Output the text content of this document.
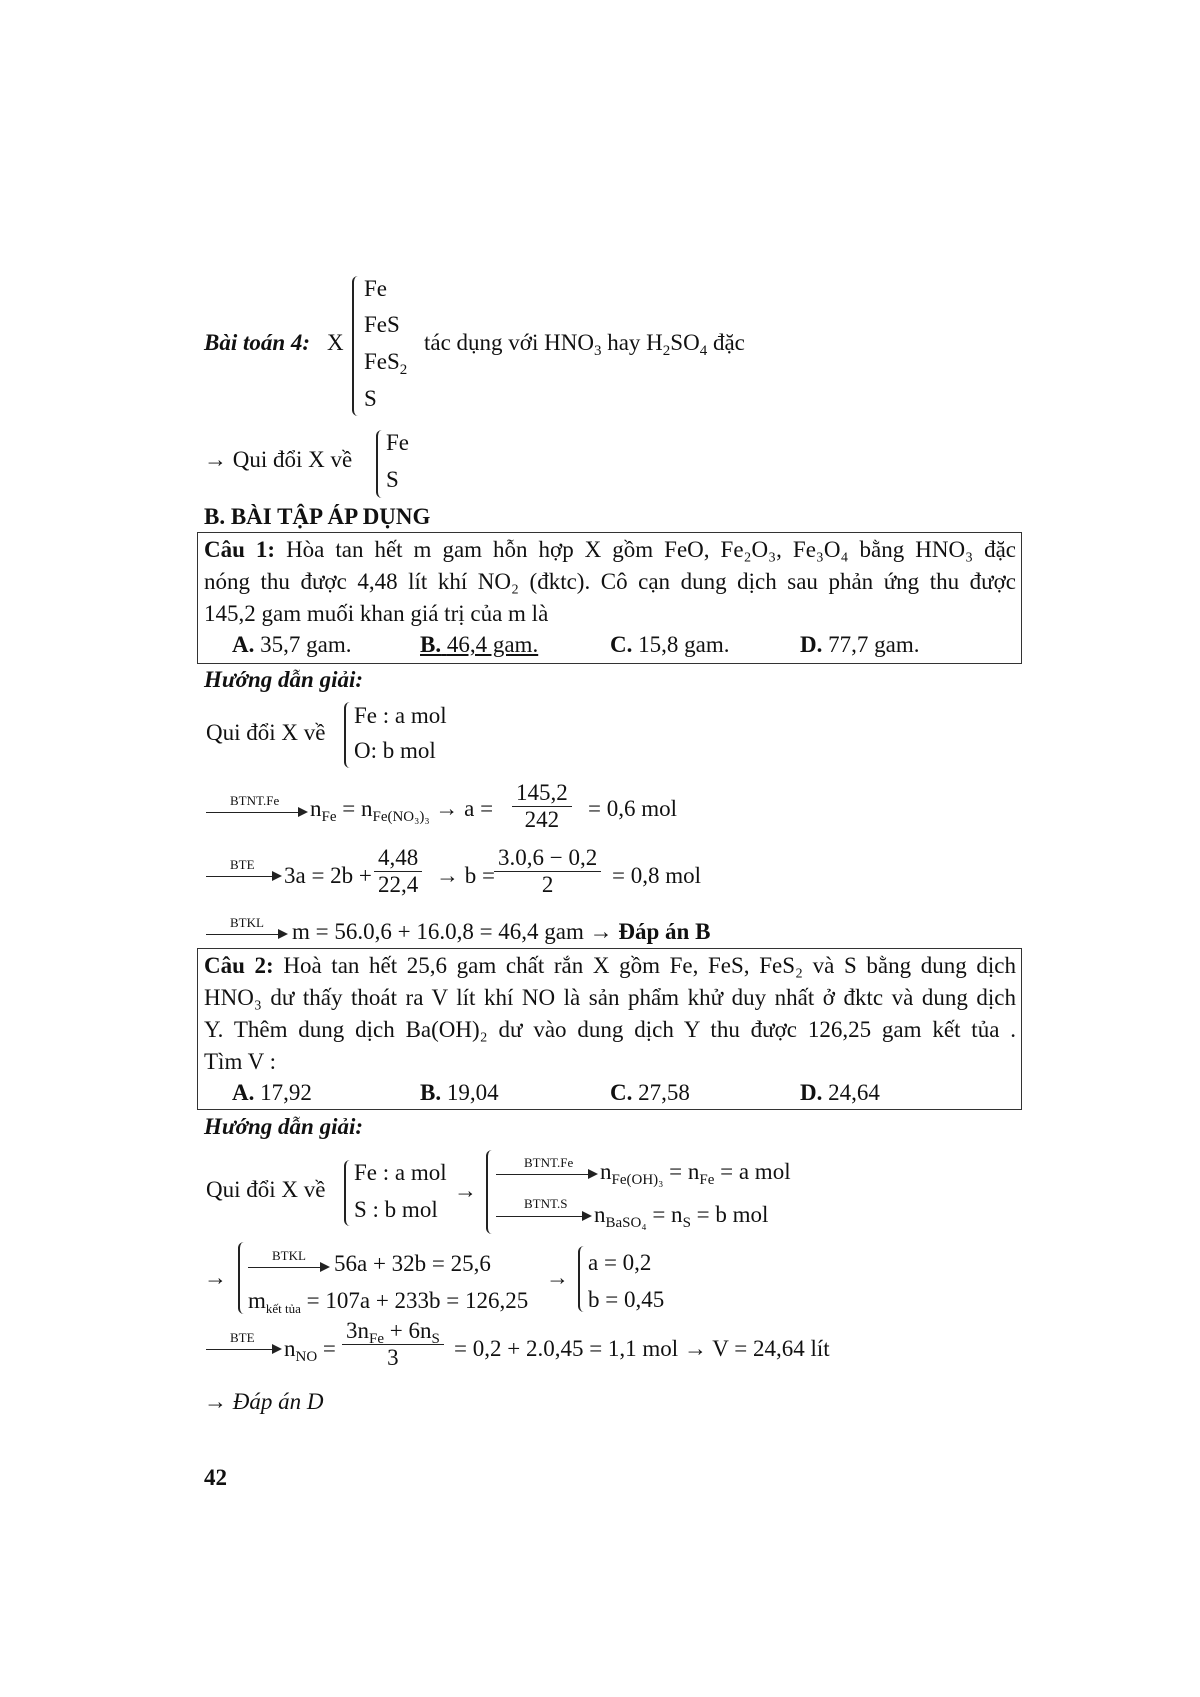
Bài toán 4: X
Fe
FeS
FeS$_2$
S
tác dụng với $HNO_3$ hay $H_2SO_4$ đặc
→ Qui đổi X về
Fe
S
B. BÀI TẬP ÁP DỤNG

Câu 1: Hòa tan hết m gam hỗn hợp X gồm FeO, Fe₂O₃, Fe₃O₄ bằng HNO₃ đặc

nóng thu được 4,48 lít khí NO₂ (đktc). Cô cạn dung dịch sau phản ứng thu được

145,2 gam muối khan giá trị của m là

A. 35,7 gam.	B. 46,4 gam.	C. 15,8 gam.	D. 77,7 gam.
Hướng dẫn giải:
Qui đổi X về
Fe : a mol
O: b mol
BTNT.Fe $n_{Fe} = n_{Fe(NO_3)_3} \to a = \frac{145,2}{242} = 0,6$ mol
BTE $3a = 2b + \frac{4,48}{22,4} \to b = \frac{3.0,6 - 0,2}{2} = 0,8$ mol
BTKL m = 56.0,6 + 16.0,8 = 46,4 gam → Đáp án B

Câu 2: Hoà tan hết 25,6 gam chất rắn X gồm Fe, FeS, FeS₂ và S bằng dung dịch

HNO₃ dư thấy thoát ra V lít khí NO là sản phẩm khử duy nhất ở đktc và dung dịch

Y. Thêm dung dịch Ba(OH)₂ dư vào dung dịch Y thu được 126,25 gam kết tủa .

Tìm V :

A. 17,92	B. 19,04	C. 27,58	D. 24,64
Hướng dẫn giải:
Qui đổi X về
Fe : a mol
S : b mol
→
BTNT.Fe $n_{Fe(OH)_3} = n_{Fe} = a$ mol
BTNT.S $n_{BaSO_4} = n_S = b$ mol
→
BTKL 56a + 32b = 25,6
$m_{kết tủa} = 107a + 233b = 126,25$
→
a = 0,2
b = 0,45
BTE $n_{NO}$ =
$3n_{Fe} + 6n_S$
3	= 0,2 + 2.0,45 = 1,1 mol → V = 24,64 lít
→ Đáp án D
42
